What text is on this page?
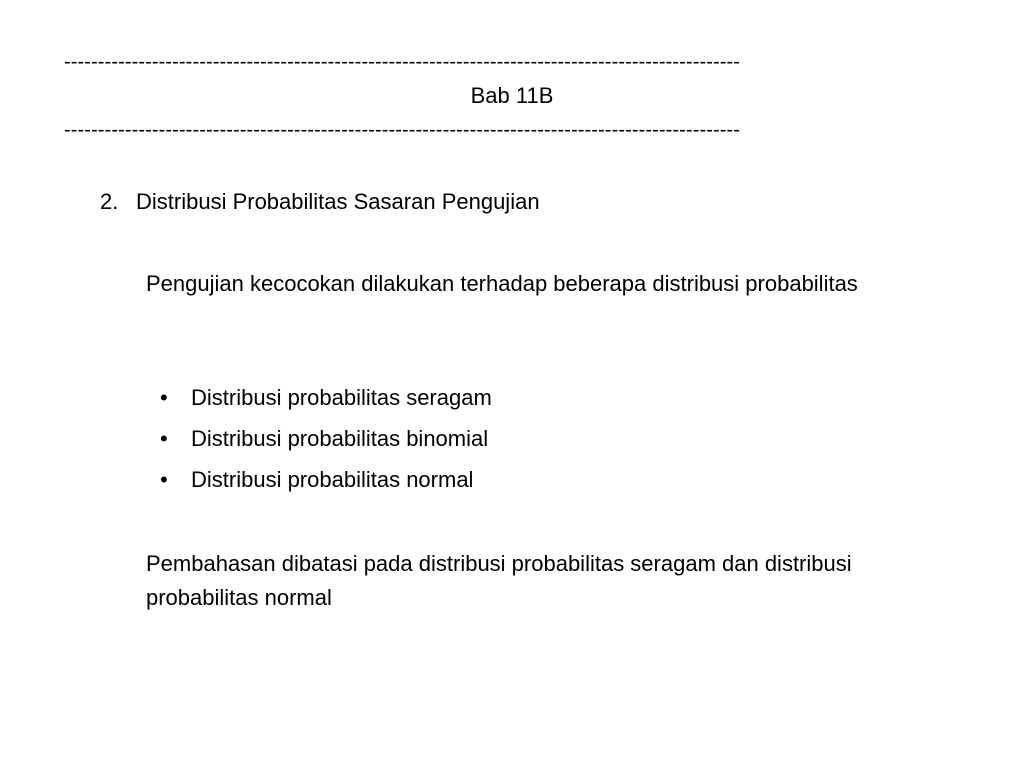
----------------------------------------------------------------------------------------------------
Bab 11B
----------------------------------------------------------------------------------------------------
2. Distribusi Probabilitas Sasaran Pengujian
Pengujian kecocokan dilakukan terhadap beberapa distribusi probabilitas
• Distribusi probabilitas seragam
• Distribusi probabilitas binomial
• Distribusi probabilitas normal
Pembahasan dibatasi pada distribusi probabilitas seragam dan distribusi probabilitas normal
